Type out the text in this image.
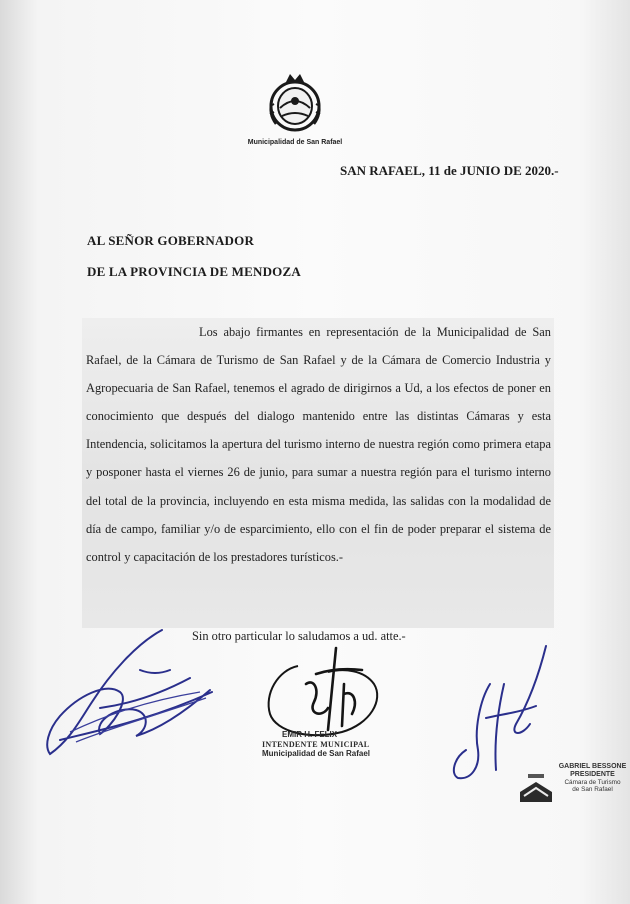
Municipalidad de San Rafael
SAN RAFAEL, 11 de JUNIO DE 2020.-
AL SEÑOR GOBERNADOR
DE LA PROVINCIA DE MENDOZA

Los abajo firmantes en representación de la Municipalidad de San Rafael, de la Cámara de Turismo de San Rafael y de la Cámara de Comercio Industria y Agropecuaria de San Rafael, tenemos el agrado de dirigirnos a Ud, a los efectos de poner en conocimiento que después del dialogo mantenido entre las distintas Cámaras y esta Intendencia, solicitamos la apertura del turismo interno de nuestra región como primera etapa y posponer hasta el viernes 26 de junio, para sumar a nuestra región para el turismo interno del total de la provincia, incluyendo en esta misma medida, las salidas con la modalidad de día de campo, familiar y/o de esparcimiento, ello con el fin de poder preparar el sistema de control y capacitación de los prestadores turísticos.-

Sin otro particular lo saludamos a ud. atte.-
EMIR H. FELIX
INTENDENTE MUNICIPAL
Municipalidad de San Rafael
GABRIEL BESSONE
PRESIDENTE
Cámara de Turismo
de San Rafael
